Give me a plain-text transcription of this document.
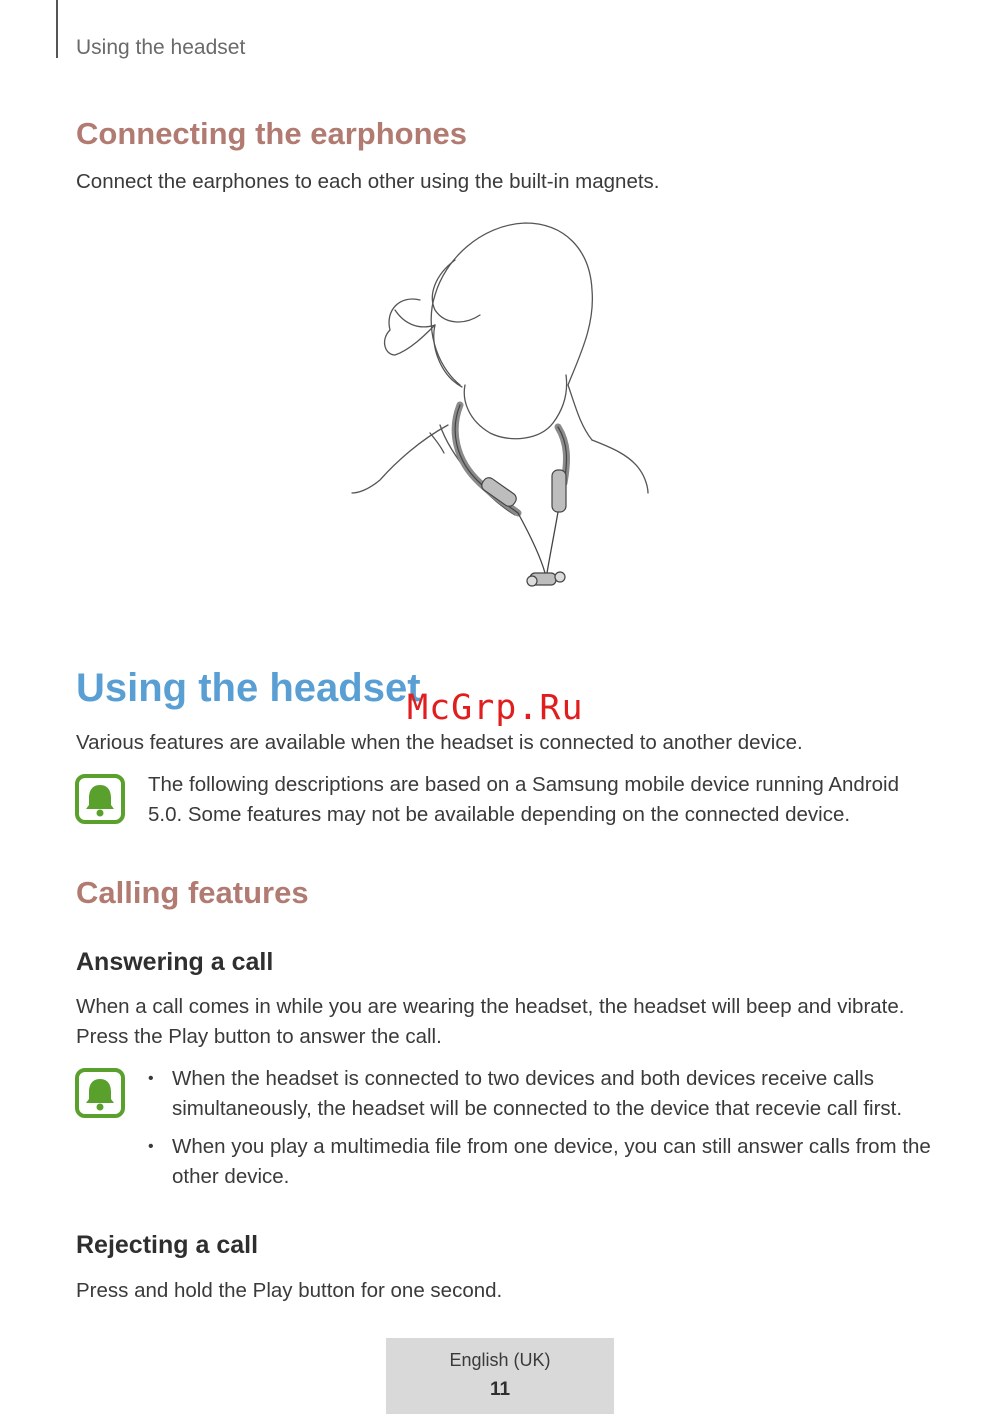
Using the headset
Connecting the earphones
Connect the earphones to each other using the built-in magnets.
Using the headset
McGrp.Ru
Various features are available when the headset is connected to another device.
The following descriptions are based on a Samsung mobile device running Android 5.0. Some features may not be available depending on the connected device.
Calling features
Answering a call
When a call comes in while you are wearing the headset, the headset will beep and vibrate. Press the Play button to answer the call.
• When the headset is connected to two devices and both devices receive calls simultaneously, the headset will be connected to the device that recevie call first.
• When you play a multimedia file from one device, you can still answer calls from the other device.
Rejecting a call
Press and hold the Play button for one second.
English (UK)
11
